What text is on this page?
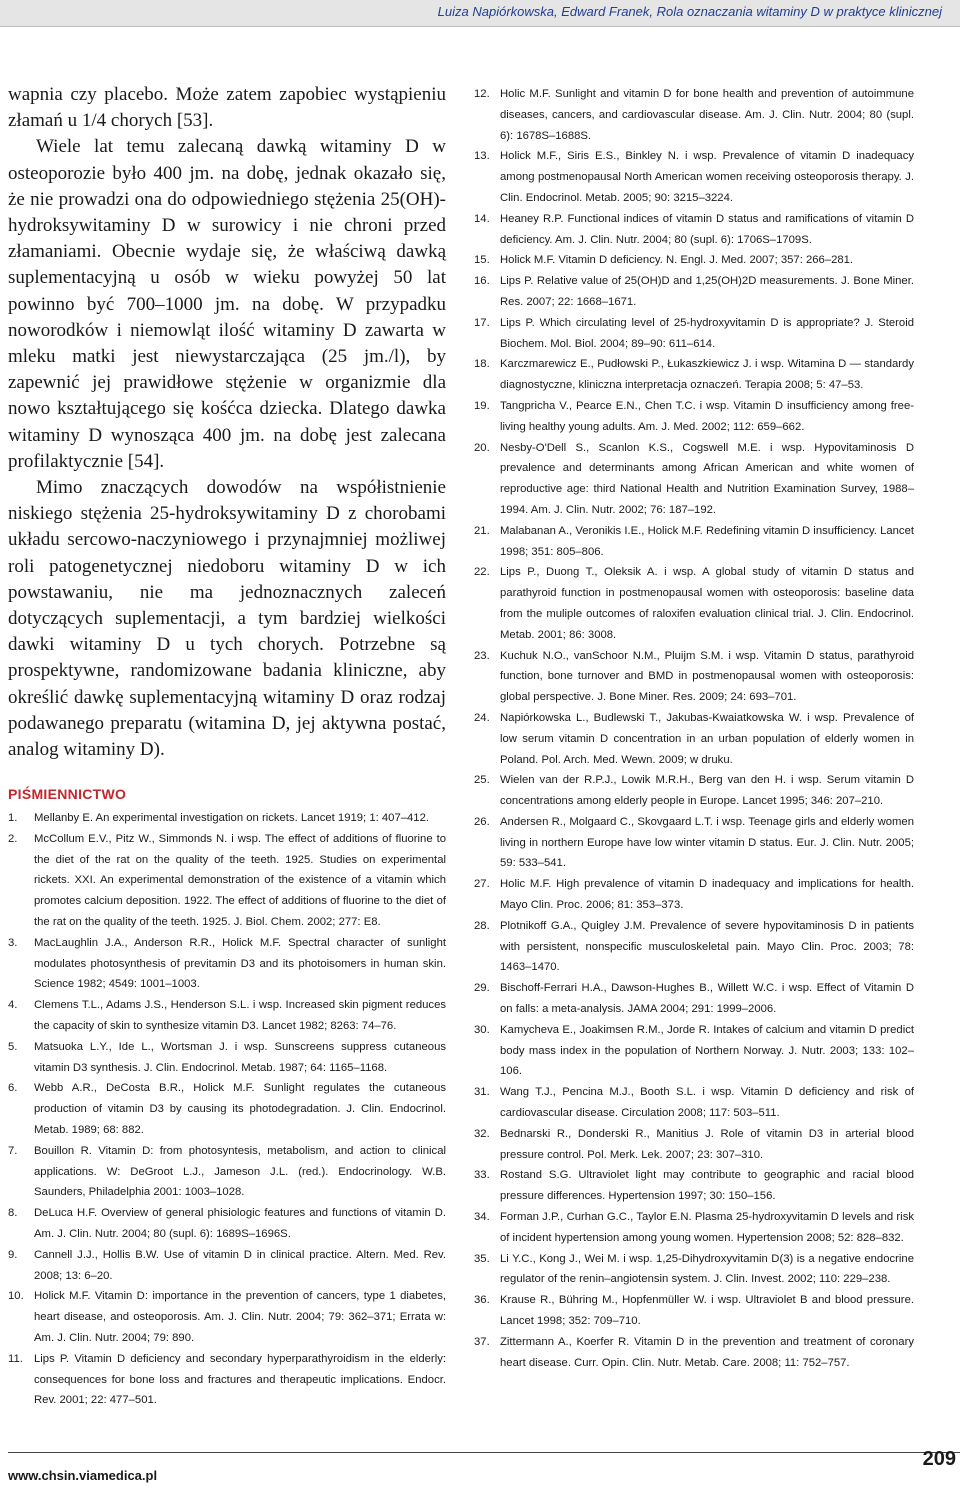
Luiza Napiórkowska, Edward Franek, Rola oznaczania witaminy D w praktyce klinicznej

wapnia czy placebo. Może zatem zapobiec wystąpieniu złamań u 1/4 chorych [53].

Wiele lat temu zalecaną dawką witaminy D w osteoporozie było 400 jm. na dobę, jednak okazało się, że nie prowadzi ona do odpowiedniego stężenia 25(OH)-hydroksywitaminy D w surowicy i nie chroni przed złamaniami. Obecnie wydaje się, że właściwą dawką suplementacyjną u osób w wieku powyżej 50 lat powinno być 700–1000 jm. na dobę. W przypadku noworodków i niemowląt ilość witaminy D zawarta w mleku matki jest niewystarczająca (25 jm./l), by zapewnić jej prawidłowe stężenie w organizmie dla nowo kształtującego się kośćca dziecka. Dlatego dawka witaminy D wynosząca 400 jm. na dobę jest zalecana profilaktycznie [54].

Mimo znaczących dowodów na współistnienie niskiego stężenia 25-hydroksywitaminy D z chorobami układu sercowo-naczyniowego i przynajmniej możliwej roli patogenetycznej niedoboru witaminy D w ich powstawaniu, nie ma jednoznacznych zaleceń dotyczących suplementacji, a tym bardziej wielkości dawki witaminy D u tych chorych. Potrzebne są prospektywne, randomizowane badania kliniczne, aby określić dawkę suplementacyjną witaminy D oraz rodzaj podawanego preparatu (witamina D, jej aktywna postać, analog witaminy D).

PIŚMIENNICTWO
1.	Mellanby E. An experimental investigation on rickets. Lancet 1919; 1: 407–412.
2.	McCollum E.V., Pitz W., Simmonds N. i wsp. The effect of additions of fluorine to the diet of the rat on the quality of the teeth. 1925. Studies on experimental rickets. XXI. An experimental demonstration of the existence of a vitamin which promotes calcium deposition. 1922. The effect of additions of fluorine to the diet of the rat on the quality of the teeth. 1925. J. Biol. Chem. 2002; 277: E8.
3.	MacLaughlin J.A., Anderson R.R., Holick M.F. Spectral character of sunlight modulates photosynthesis of previtamin D3 and its photoisomers in human skin. Science 1982; 4549: 1001–1003.
4.	Clemens T.L., Adams J.S., Henderson S.L. i wsp. Increased skin pigment reduces the capacity of skin to synthesize vitamin D3. Lancet 1982; 8263: 74–76.
5.	Matsuoka L.Y., Ide L., Wortsman J. i wsp. Sunscreens suppress cutaneous vitamin D3 synthesis. J. Clin. Endocrinol. Metab. 1987; 64: 1165–1168.
6.	Webb A.R., DeCosta B.R., Holick M.F. Sunlight regulates the cutaneous production of vitamin D3 by causing its photodegradation. J. Clin. Endocrinol. Metab. 1989; 68: 882.
7.	Bouillon R. Vitamin D: from photosyntesis, metabolism, and action to clinical applications. W: DeGroot L.J., Jameson J.L. (red.). Endocrinology. W.B. Saunders, Philadelphia 2001: 1003–1028.
8.	DeLuca H.F. Overview of general phisiologic features and functions of vitamin D. Am. J. Clin. Nutr. 2004; 80 (supl. 6): 1689S–1696S.
9.	Cannell J.J., Hollis B.W. Use of vitamin D in clinical practice. Altern. Med. Rev. 2008; 13: 6–20.
10. Holick M.F. Vitamin D: importance in the prevention of cancers, type 1 diabetes, heart disease, and osteoporosis. Am. J. Clin. Nutr. 2004; 79: 362–371; Errata w: Am. J. Clin. Nutr. 2004; 79: 890.
11. Lips P. Vitamin D deficiency and secondary hyperparathyroidism in the elderly: consequences for bone loss and fractures and therapeutic implications. Endocr. Rev. 2001; 22: 477–501.
12. Holic M.F. Sunlight and vitamin D for bone health and prevention of autoimmune diseases, cancers, and cardiovascular disease. Am. J. Clin. Nutr. 2004; 80 (supl. 6): 1678S–1688S.
13. Holick M.F., Siris E.S., Binkley N. i wsp. Prevalence of vitamin D inadequacy among postmenopausal North American women receiving osteoporosis therapy. J. Clin. Endocrinol. Metab. 2005; 90: 3215–3224.
14. Heaney R.P. Functional indices of vitamin D status and ramifications of vitamin D deficiency. Am. J. Clin. Nutr. 2004; 80 (supl. 6): 1706S–1709S.
15. Holick M.F. Vitamin D deficiency. N. Engl. J. Med. 2007; 357: 266–281.
16. Lips P. Relative value of 25(OH)D and 1,25(OH)2D measurements. J. Bone Miner. Res. 2007; 22: 1668–1671.
17. Lips P. Which circulating level of 25-hydroxyvitamin D is appropriate? J. Steroid Biochem. Mol. Biol. 2004; 89–90: 611–614.
18. Karczmarewicz E., Pudłowski P., Łukaszkiewicz J. i wsp. Witamina D — standardy diagnostyczne, kliniczna interpretacja oznaczeń. Terapia 2008; 5: 47–53.
19. Tangpricha V., Pearce E.N., Chen T.C. i wsp. Vitamin D insufficiency among free-living healthy young adults. Am. J. Med. 2002; 112: 659–662.
20. Nesby-O'Dell S., Scanlon K.S., Cogswell M.E. i wsp. Hypovitaminosis D prevalence and determinants among African American and white women of reproductive age: third National Health and Nutrition Examination Survey, 1988–1994. Am. J. Clin. Nutr. 2002; 76: 187–192.
21. Malabanan A., Veronikis I.E., Holick M.F. Redefining vitamin D insufficiency. Lancet 1998; 351: 805–806.
22. Lips P., Duong T., Oleksik A. i wsp. A global study of vitamin D status and parathyroid function in postmenopausal women with osteoporosis: baseline data from the muliple outcomes of raloxifen evaluation clinical trial. J. Clin. Endocrinol. Metab. 2001; 86: 3008.
23. Kuchuk N.O., vanSchoor N.M., Pluijm S.M. i wsp. Vitamin D status, parathyroid function, bone turnover and BMD in postmenopausal women with osteoporosis: global perspective. J. Bone Miner. Res. 2009; 24: 693–701.
24. Napiórkowska L., Budlewski T., Jakubas-Kwaiatkowska W. i wsp. Prevalence of low serum vitamin D concentration in an urban population of elderly women in Poland. Pol. Arch. Med. Wewn. 2009; w druku.
25. Wielen van der R.P.J., Lowik M.R.H., Berg van den H. i wsp. Serum vitamin D concentrations among elderly people in Europe. Lancet 1995; 346: 207–210.
26. Andersen R., Molgaard C., Skovgaard L.T. i wsp. Teenage girls and elderly women living in northern Europe have low winter vitamin D status. Eur. J. Clin. Nutr. 2005; 59: 533–541.
27. Holic M.F. High prevalence of vitamin D inadequacy and implications for health. Mayo Clin. Proc. 2006; 81: 353–373.
28. Plotnikoff G.A., Quigley J.M. Prevalence of severe hypovitaminosis D in patients with persistent, nonspecific musculoskeletal pain. Mayo Clin. Proc. 2003; 78: 1463–1470.
29. Bischoff-Ferrari H.A., Dawson-Hughes B., Willett W.C. i wsp. Effect of Vitamin D on falls: a meta-analysis. JAMA 2004; 291: 1999–2006.
30. Kamycheva E., Joakimsen R.M., Jorde R. Intakes of calcium and vitamin D predict body mass index in the population of Northern Norway. J. Nutr. 2003; 133: 102–106.
31. Wang T.J., Pencina M.J., Booth S.L. i wsp. Vitamin D deficiency and risk of cardiovascular disease. Circulation 2008; 117: 503–511.
32. Bednarski R., Donderski R., Manitius J. Role of vitamin D3 in arterial blood pressure control. Pol. Merk. Lek. 2007; 23: 307–310.
33. Rostand S.G. Ultraviolet light may contribute to geographic and racial blood pressure differences. Hypertension 1997; 30: 150–156.
34. Forman J.P., Curhan G.C., Taylor E.N. Plasma 25-hydroxyvitamin D levels and risk of incident hypertension among young women. Hypertension 2008; 52: 828–832.
35. Li Y.C., Kong J., Wei M. i wsp. 1,25-Dihydroxyvitamin D(3) is a negative endocrine regulator of the renin–angiotensin system. J. Clin. Invest. 2002; 110: 229–238.
36. Krause R., Bühring M., Hopfenmüller W. i wsp. Ultraviolet B and blood pressure. Lancet 1998; 352: 709–710.
37. Zittermann A., Koerfer R. Vitamin D in the prevention and treatment of coronary heart disease. Curr. Opin. Clin. Nutr. Metab. Care. 2008; 11: 752–757.
www.chsin.viamedica.pl
209
